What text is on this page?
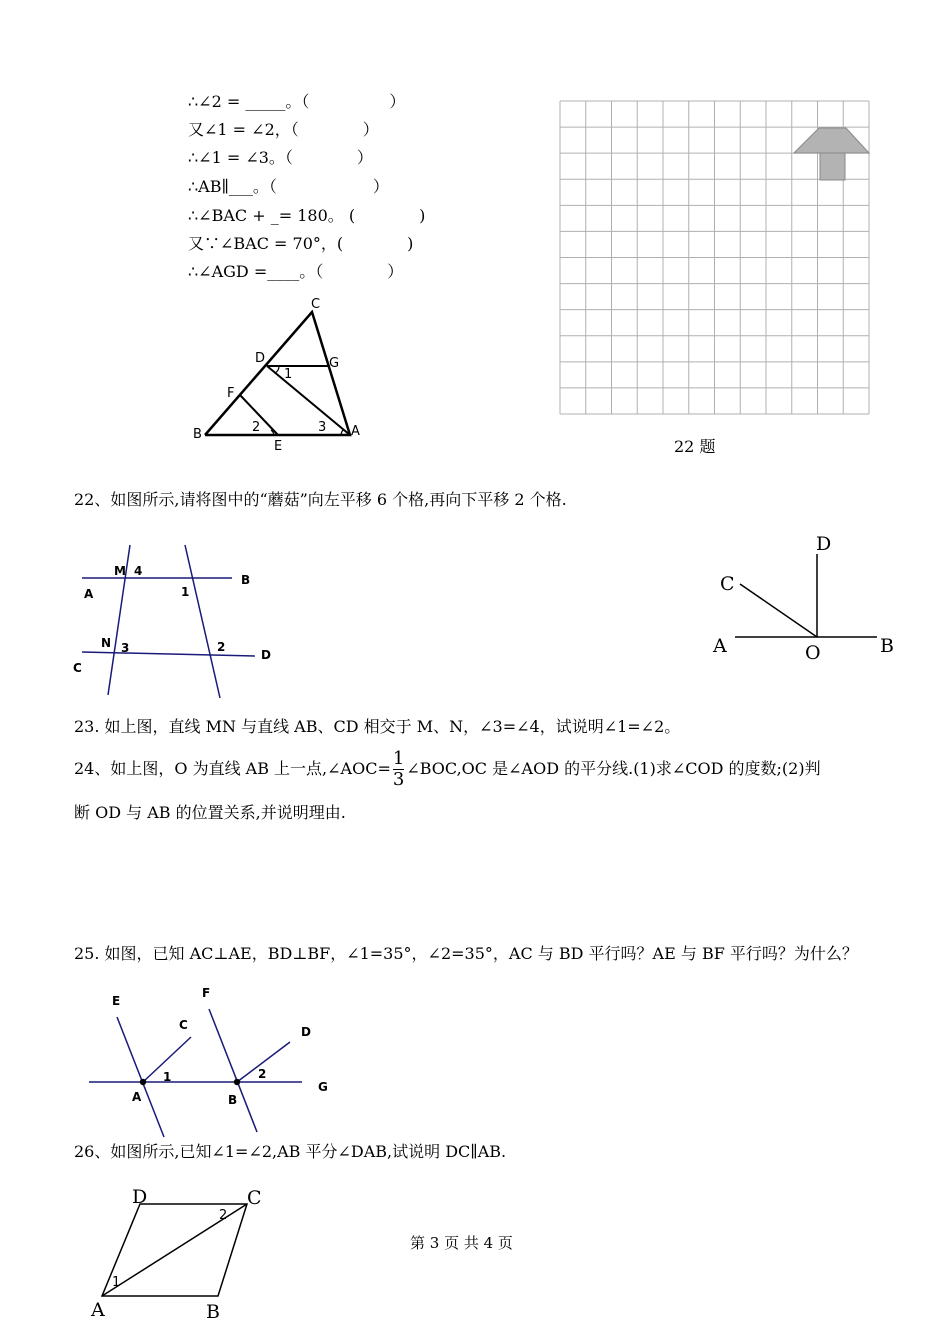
∴∠2 = _____。（　　　　　）
又∠1 = ∠2，（　　　　）
∴∠1 = ∠3。（　　　　）
∴AB∥___。（　　　　　　）
∴∠BAC + _= 180。 (　　　　)
又∵∠BAC = 70°，(　　　　)
∴∠AGD =____。（　　　　）
C
D	G
F
B
E
A
1
2	3
22 题
22、如图所示,请将图中的“蘑菇”向左平移 6 个格,再向下平移 2 个格.
M 4
B
A	1
N 3	2
D
C
D
C
A	O	B
23. 如上图，直线 MN 与直线 AB、CD 相交于 M、N，∠3=∠4，试说明∠1=∠2。
24、如上图，O 为直线 AB 上一点,∠AOC= $\frac{1}{3}$ ∠BOC,OC 是∠AOD 的平分线.(1)求∠COD 的度数;(2)判
断 OD 与 AB 的位置关系,并说明理由.
25. 如图，已知 AC⊥AE，BD⊥BF，∠1=35°，∠2=35°，AC 与 BD 平行吗？AE 与 BF 平行吗？为什么？
E
F
C	D
1	2
G
A	B
26、如图所示,已知∠1=∠2,AB 平分∠DAB,试说明 DC∥AB.
D	C
2
1
A	B
第 3 页 共 4 页
